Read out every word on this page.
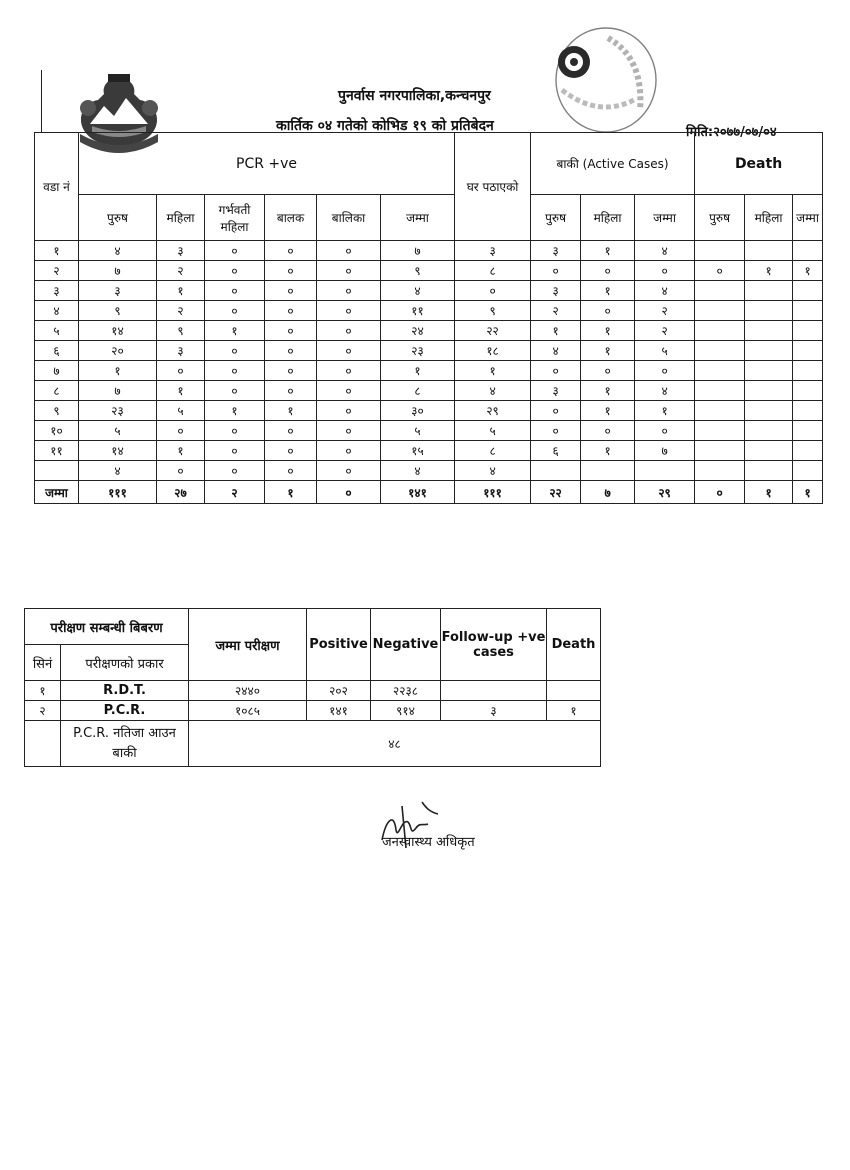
पुनर्वास नगरपालिका,कन्चनपुर
कार्तिक ०४ गतेको कोभिड १९ को प्रतिबेदन	मिति:२०७७/०७/०४
वडा नं	PCR +ve						घर पठाएको	बाकी (Active Cases)			Death		
	पुरुष	महिला	गर्भवती महिला	बालक	बालिका	जम्मा		पुरुष	महिला	जम्मा	पुरुष	महिला	जम्मा
१	४	३	०	०	०	७	३	३	१	४			
२	७	२	०	०	०	९	८	०	०	०	०	१	१
३	३	१	०	०	०	४	०	३	१	४			
४	९	२	०	०	०	११	९	२	०	२			
५	१४	९	१	०	०	२४	२२	१	१	२			
६	२०	३	०	०	०	२३	१८	४	१	५			
७	१	०	०	०	०	१	१	०	०	०			
८	७	१	०	०	०	८	४	३	१	४			
९	२३	५	१	१	०	३०	२९	०	१	१			
१०	५	०	०	०	०	५	५	०	०	०			
११	१४	१	०	०	०	१५	८	६	१	७			
	४	०	०	०	०	४	४						
जम्मा	१११	२७	२	१	०	१४१	१११	२२	७	२९	०	१	१
परीक्षण सम्बन्धी बिबरण		जम्मा परीक्षण	Positive	Negative	Follow-up +ve cases	Death
सिनं	परीक्षणको प्रकार					
१	R.D.T.	२४४०	२०२	२२३८		
२	P.C.R.	१०८५	१४१	९१४	३	१
	P.C.R. नतिजा आउन बाकी	४८				
जनस्वास्थ्य अधिकृत
